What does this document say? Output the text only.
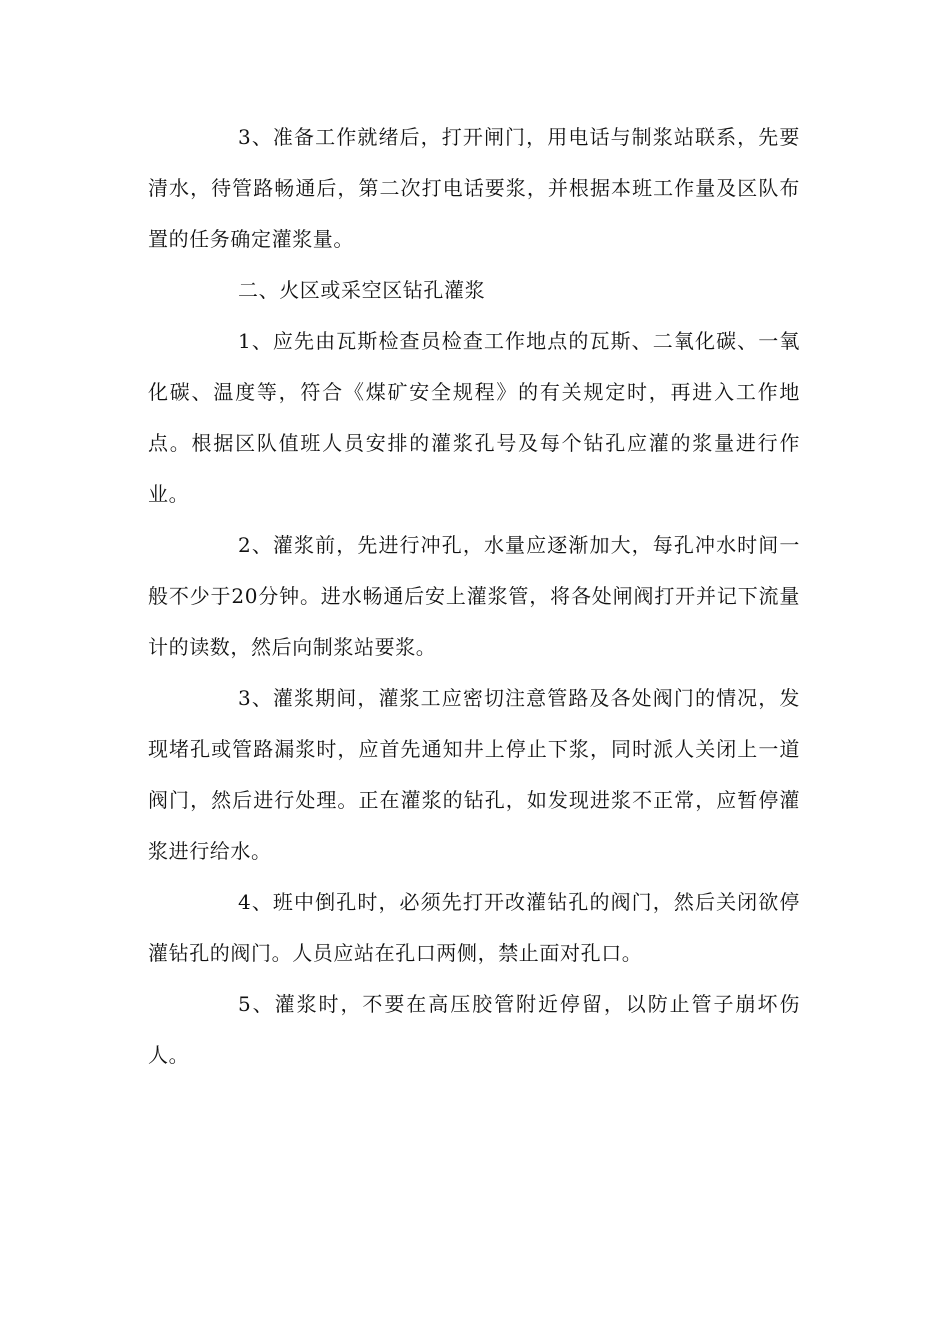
3、准备工作就绪后，打开闸门，用电话与制浆站联系，先要清水，待管路畅通后，第二次打电话要浆，并根据本班工作量及区队布置的任务确定灌浆量。

二、火区或采空区钻孔灌浆

1、应先由瓦斯检查员检查工作地点的瓦斯、二氧化碳、一氧化碳、温度等，符合《煤矿安全规程》的有关规定时，再进入工作地点。根据区队值班人员安排的灌浆孔号及每个钻孔应灌的浆量进行作业。

2、灌浆前，先进行冲孔，水量应逐渐加大，每孔冲水时间一般不少于20分钟。进水畅通后安上灌浆管，将各处闸阀打开并记下流量计的读数，然后向制浆站要浆。

3、灌浆期间，灌浆工应密切注意管路及各处阀门的情况，发现堵孔或管路漏浆时，应首先通知井上停止下浆，同时派人关闭上一道阀门，然后进行处理。正在灌浆的钻孔，如发现进浆不正常，应暂停灌浆进行给水。

4、班中倒孔时，必须先打开改灌钻孔的阀门，然后关闭欲停灌钻孔的阀门。人员应站在孔口两侧，禁止面对孔口。

5、灌浆时，不要在高压胶管附近停留，以防止管子崩坏伤人。
